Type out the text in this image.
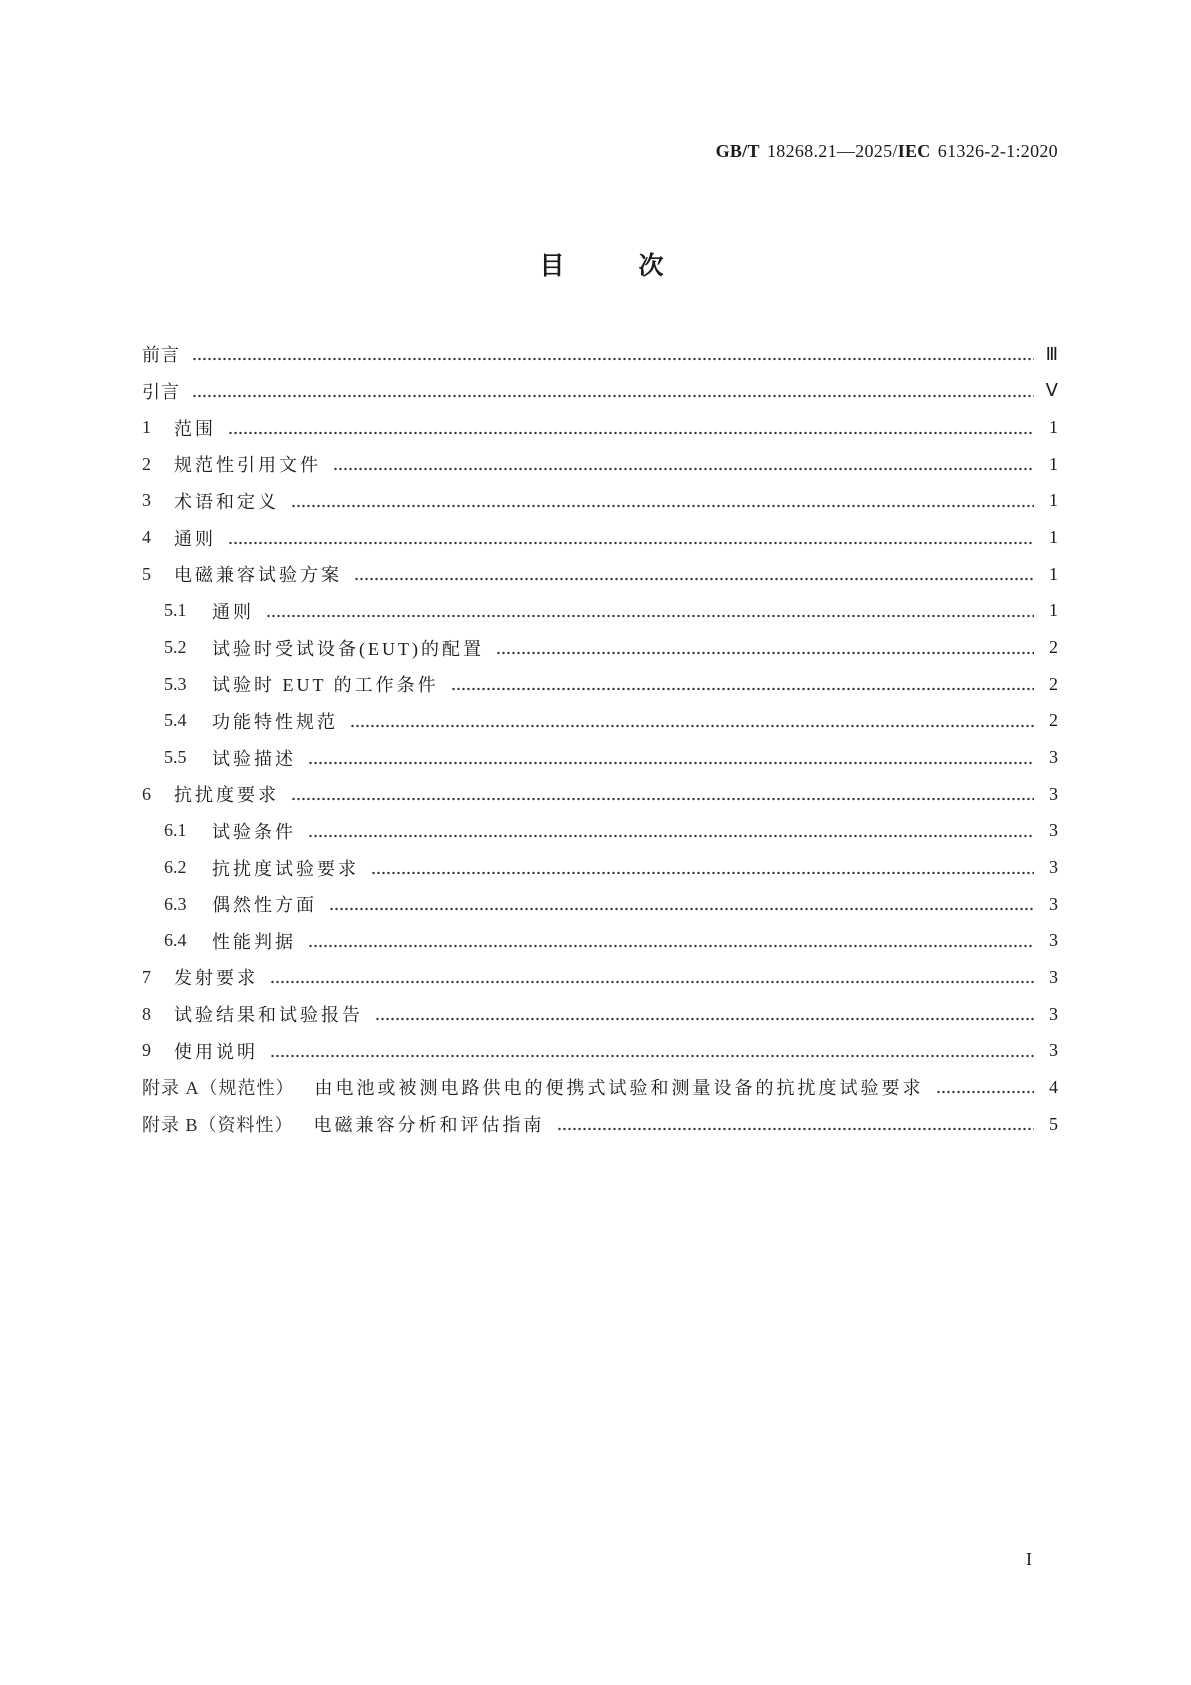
GB/T 18268.21—2025/IEC 61326-2-1:2020
目　　次
前言	Ⅲ
引言	Ⅴ
1	范围	1
2	规范性引用文件	1
3	术语和定义	1
4	通则	1
5	电磁兼容试验方案	1
5.1	通则	1
5.2	试验时受试设备(EUT)的配置	2
5.3	试验时 EUT 的工作条件	2
5.4	功能特性规范	2
5.5	试验描述	3
6	抗扰度要求	3
6.1	试验条件	3
6.2	抗扰度试验要求	3
6.3	偶然性方面	3
6.4	性能判据	3
7	发射要求	3
8	试验结果和试验报告	3
9	使用说明	3
附录 A（规范性） 由电池或被测电路供电的便携式试验和测量设备的抗扰度试验要求	4
附录 B（资料性） 电磁兼容分析和评估指南	5
I
